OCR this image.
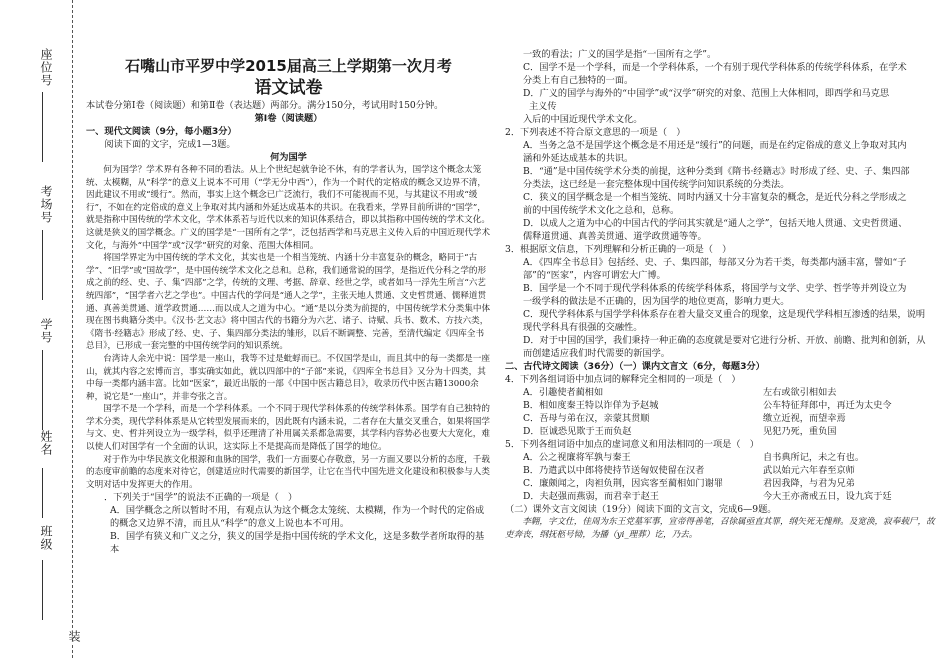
座位号
考场号
学号
姓名
班级
装

石嘴山市平罗中学2015届高三上学期第一次月考

语文试卷

本试卷分第Ⅰ卷（阅读题）和第Ⅱ卷（表达题）两部分。满分150分，考试用时150分钟。

第Ⅰ卷（阅读题）

一、现代文阅读（9分，每小题3分）

阅读下面的文字，完成1—3题。

何为国学

何为国学？学术界有各种不同的看法。从上个世纪起就争论不休，有的学者认为，国学这个概念太笼统、太模糊，从“科学”的意义上说本不可用（“学无分中西”），作为一个时代的定格成的概念又边界不清，因此建议不用或“缓行”。然而，事实上这个概念已广泛流行，我们不可能视而不见，与其建议不用或“缓行”，不如在约定俗成的意义上争取对其内涵和外延达成基本的共识。在我看来，学界目前所讲的“国学”，就是指称中国传统的学术文化，学术体系若与近代以来的知识体系结合，即以其指称中国传统的学术文化。这就是狭义的国学概念。广义的国学是“一国所有之学”，泛包括西学和马克思主义传入后的中国近现代学术文化，与海外“中国学”或“汉学”研究的对象、范围大体相同。

将国学界定为中国传统的学术文化，其实也是一个相当笼统、内涵十分丰富复杂的概念，略同于“古学”、“旧学”或“国故学”，是中国传统学术文化之总和。总称，我们通常说的国学，是指近代分科之学的形成之前的经、史、子、集“四部”之学，传统的文理、考据、辞章、经世之学，或者如马一浮先生所言“六艺统四部”，“国学者六艺之学也”。中国古代的学问是“通人之学”，主张天地人贯通、文史哲贯通、儒释道贯通、真善美贯通、道学政贯通……而以成人之道为中心。“通”是以分类为前提的，中国传统学术分类集中体现在图书典籍分类中。《汉书·艺文志》将中国古代的书籍分为六艺、诸子、诗赋、兵书、数术、方技六类，《隋书·经籍志》形成了经、史、子、集四部分类法的雏形，以后不断调整、完善，至清代编定《四库全书总目》，已形成一套完整的中国传统学问的知识系统。

台湾诗人余光中说：国学是一座山，我等不过是蚍蜉而已。不仅国学是山，而且其中的每一类都是一座山，就其内容之宏博而言，事实确实如此，就以四部中的“子部”来说，《四库全书总目》又分为十四类，其中每一类都内涵丰富。比如“医家”，最近出版的一部《中国中医古籍总目》，收录历代中医古籍13000余种，说它是“一座山”，并非夸张之言。

国学不是一个学科，而是一个学科体系。一个不同于现代学科体系的传统学科体系。国学有自己独特的学术分类，现代学科体系是从它转型发展而来的，因此既有内涵未说，二者存在大量交叉重合，如果将国学与文、史、哲并列设立为一级学科，似乎还理清了补用属关系都急需要，其学科内容势必也要大大宽化，难以使人们对国学有一个全面的认识，这实际上不是提高而是降低了国学的地位。

对于作为中华民族文化根源和血脉的国学，我们一方面要心存敬意，另一方面又要以分析的态度，千载的态度审前瞻的态度来对待它，创建适应时代需要的新国学，让它在当代中国先进文化建设和积极参与人类文明对话中发挥更大的作用。

．下列关于“国学”的说法不正确的一项是（　）

A．国学概念之所以暂时不用，有观点认为这个概念太笼统、太模糊，作为一个时代的定俗成的概念又边界不清，而且从“科学”的意义上说也本不可用。

B．国学有狭义和广义之分，狭义的国学是指中国传统的学术文化，这是多数学者所取得的基本

一致的看法；广义的国学是指“一国所有之学”。

C．国学不是一个学科，而是一个学科体系，一个有别于现代学科体系的传统学科体系，在学术

分类上有自己独特的一面。

D．广义的国学与海外的“中国学”或“汉学”研究的对象、范围上大体相同，即西学和马克思

主义传

入后的中国近现代学术文化。

2．下列表述不符合原文意思的一项是（　）

A．当务之急不是国学这个概念是不用还是“缓行”的问题，而是在约定俗成的意义上争取对其内

涵和外延达成基本的共识。

B．“通”是中国传统学术分类的前提，这种分类到《隋书·经籍志》时形成了经、史、子、集四部

分类法，这已经是一套完整体现中国传统学问知识系统的分类法。

C．狭义的国学概念是一个相当笼统、同时内涵又十分丰富复杂的概念，是近代分科之学形成之

前的中国传统学术文化之总和，总称。

D．以成人之道为中心的中国古代的学问其实就是“通人之学”，包括天地人贯通、文史哲贯通、

儒释道贯通、真善美贯通、道学政贯通等等。

3．根据原文信息，下列理解和分析正确的一项是（　）

A．《四库全书总目》包括经、史、子、集四部，每部又分为若干类，每类都内涵丰富，譬如“子

部”的“医家”，内容可谓宏大广博。

B．国学是一个不同于现代学科体系的传统学科体系，将国学与文学、史学、哲学等并列设立为

一级学科的做法是不正确的，因为国学的地位更高，影响力更大。

C．现代学科体系与国学学科体系存在着大量交叉重合的现象，这是现代学科相互渗透的结果，说明

现代学科具有很强的交融性。

D．对于中国的国学，我们秉持一种正确的态度就是要对它进行分析、开放、前瞻、批判和创新，从

而创建适应我们时代需要的新国学。

二、古代诗文阅读（36分）（一）课内文言文（6分，每题3分）

4．下列各组词语中加点词的解释完全相同的一项是（　）

A．引趣使者蔺相如	左右或欲引相如去
B．相如度秦王特以诈佯为予赵城	公车特征拜郎中，再迁为太史令
C．吾母与弟在汉，亲蒙其贯顺	缴立近视，而望幸焉
D．臣诚恐见欺于王而负赵	见犯乃死，重负国

5．下列各组词语中加点的虚词意义和用法相同的一项是（　）

A．公之视廉将军孰与秦王	自书典所记，未之有也。
B．乃遣武以中郎将使持节送匈奴使留在汉者	武以始元六年春至京师
C．廉颇闻之，肉袒负荆，因宾客至蔺相如门谢罪	君因我降，与君为兄弟
D．夫赵强而燕弱，而君幸于赵王	今大王亦斋戒五日，设九宾于廷

（二）课外文言文阅读（19分）阅读下面的文言文，完成6—9题。

李翱，字文仕，佳周为东王党墓军事，宣帝得善笔，召徐属亟直其罪，纲矢死无愧辩。及宽涣，寂奉载尸，故吏奔丧，纲抚柩号恸，为播（yi_理葬）讫，乃去。
